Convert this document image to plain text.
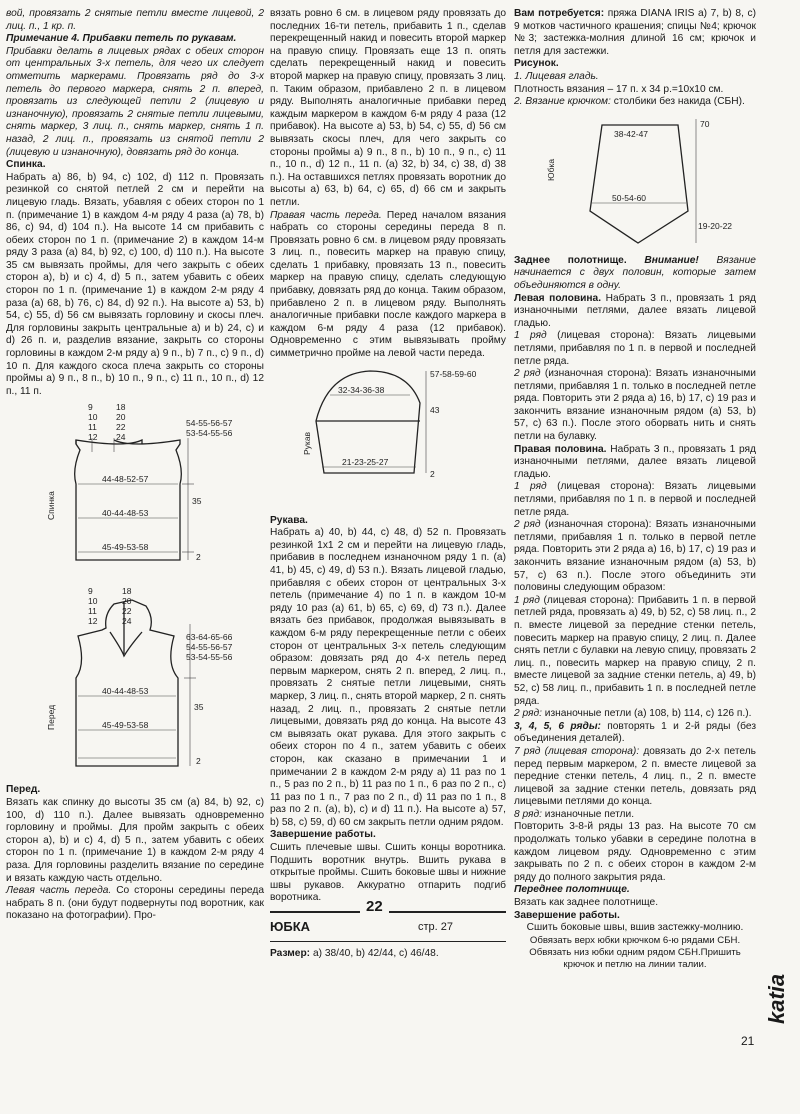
вой, провязать 2 снятые петли вместе лицевой, 2 лиц. п., 1 кр. п.

Примечание 4. Прибавки петель по рукавам.

Прибавки делать в лицевых рядах с обеих сторон от центральных 3-х петель, для чего их следует отметить маркерами. Провязать ряд до 3-х петель до первого маркера, снять 2 п. вперед, провязать из следующей петли 2 (лицевую и изнаночную), провязать 2 снятые петли лицевыми, снять маркер, 3 лиц. п., снять маркер, снять 1 п. назад, 2 лиц. п., провязать из снятой петли 2 (лицевую и изнаночную), довязать ряд до конца.

Спинка.

Набрать а) 86, b) 94, c) 102, d) 112 п. Провязать резинкой со снятой петлей 2 см и перейти на лицевую гладь. Вязать, убавляя с обеих сторон по 1 п. (примечание 1) в каждом 4-м ряду 4 раза (a) 78, b) 86, c) 94, d) 104 п.). На высоте 14 см прибавить с обеих сторон по 1 п. (примечание 2) в каждом 14-м ряду 3 раза (a) 84, b) 92, c) 100, d) 110 п.). На высоте 35 см вывязать проймы, для чего закрыть с обеих сторон а), b) и c) 4, d) 5 п., затем убавить с обеих сторон по 1 п. (примечание 1) в каждом 2-м ряду 4 раза (a) 68, b) 76, c) 84, d) 92 п.). На высоте а) 53, b) 54, c) 55, d) 56 см вывязать горловину и скосы плеч. Для горловины закрыть центральные а) и b) 24, c) и d) 26 п. и, разделив вязание, закрыть со стороны горловины в каждом 2-м ряду а) 9 п., b) 7 п., c) 9 п., d) 10 п. Для каждого скоса плеча закрыть со стороны проймы а) 9 п., 8 п., b) 10 п., 9 п., c) 11 п., 10 п., d) 12 п., 11 п.

9
10
11
12
18
20
22
24
54-55-56-57
53-54-55-56
44-48-52-57
40-44-48-53
45-49-53-58
35
2
Спинка
9
10
11
12
18
20
22
24
63-64-65-66
54-55-56-57
53-54-55-56
40-44-48-53
45-49-53-58
35
2
Перед

Перед.

Вязать как спинку до высоты 35 см (a) 84, b) 92, c) 100, d) 110 п.). Далее вывязать одновременно горловину и проймы. Для пройм закрыть с обеих сторон а), b) и c) 4, d) 5 п., затем убавить с обеих сторон по 1 п. (примечание 1) в каждом 2-м ряду 4 раза. Для горловины разделить вязание по середине и вязать каждую часть отдельно.

Левая часть переда. Со стороны середины переда набрать 8 п. (они будут подвернуты под воротник, как показано на фотографии). Про-

вязать ровно 6 см. в лицевом ряду провязать до последних 16-ти петель, прибавить 1 п., сделав перекрещенный накид и повесить второй маркер на правую спицу. Провязать еще 13 п. опять сделать перекрещенный накид и повесить второй маркер на правую спицу, провязать 3 лиц. п. Таким образом, прибавлено 2 п. в лицевом ряду. Выполнять аналогичные прибавки перед каждым маркером в каждом 6-м ряду 4 раза (12 прибавок). На высоте а) 53, b) 54, c) 55, d) 56 см вывязать скосы плеч, для чего закрыть со стороны проймы а) 9 п., 8 п., b) 10 п., 9 п., c) 11 п., 10 п., d) 12 п., 11 п. (a) 32, b) 34, c) 38, d) 38 п.). На оставшихся петлях провязать воротник до высоты а) 63, b) 64, c) 65, d) 66 см и закрыть петли.

Правая часть переда. Перед началом вязания набрать со стороны середины переда 8 п. Провязать ровно 6 см. в лицевом ряду провязать 3 лиц. п., повесить маркер на правую спицу, сделать 1 прибавку, провязать 13 п., повесить маркер на правую спицу, сделать следующую прибавку, довязать ряд до конца. Таким образом, прибавлено 2 п. в лицевом ряду. Выполнять аналогичные прибавки после каждого маркера в каждом 6-м ряду 4 раза (12 прибавок). Одновременно с этим вывязывать пройму симметрично пройме на левой части переда.

57-58-59-60
32-34-36-38
43
21-23-25-27
2
Рукав

Рукава.

Набрать а) 40, b) 44, c) 48, d) 52 п. Провязать резинкой 1х1 2 см и перейти на лицевую гладь, прибавив в последнем изнаночном ряду 1 п. (a) 41, b) 45, c) 49, d) 53 п.). Вязать лицевой гладью, прибавляя с обеих сторон от центральных 3-х петель (примечание 4) по 1 п. в каждом 10-м ряду 10 раз (a) 61, b) 65, c) 69, d) 73 п.). Далее вязать без прибавок, продолжая вывязывать в каждом 6-м ряду перекрещенные петли с обеих сторон от центральных 3-х петель следующим образом: довязать ряд до 4-х петель перед первым маркером, снять 2 п. вперед, 2 лиц. п., провязать 2 снятые петли лицевыми, снять маркер, 3 лиц. п., снять второй маркер, 2 п. снять назад, 2 лиц. п., провязать 2 снятые петли лицевыми, довязать ряд до конца. На высоте 43 см вывязать окат рукава. Для этого закрыть с обеих сторон по 4 п., затем убавить с обеих сторон, как сказано в примечании 1 и примечании 2 в каждом 2-м ряду а) 11 раз по 1 п., 5 раз по 2 п., b) 11 раз по 1 п., 6 раз по 2 п., c) 11 раз по 1 п., 7 раз по 2 п., d) 11 раз по 1 п., 8 раз по 2 п. (a), b), c) и d) 11 п.). На высоте а) 57, b) 58, c) 59, d) 60 см закрыть петли одним рядом.

Завершение работы.

Сшить плечевые швы. Сшить концы воротника. Подшить воротник внутрь. Вшить рукава в открытые проймы. Сшить боковые швы и нижние швы рукавов. Аккуратно отпарить подгиб воротника.

22
ЮБКА	стр. 27

Размер: a) 38/40, b) 42/44, c) 46/48.

Вам потребуется: пряжа DIANA IRIS а) 7, b) 8, c) 9 мотков частичного крашения; спицы №4; крючок №3; застежка-молния длиной 16 см; крючок и петля для застежки.

Рисунок.

1. Лицевая гладь.

Плотность вязания – 17 п. х 34 р.=10х10 см.

2. Вязание крючком: столбики без накида (СБН).

38-42-47
70
Юбка
50-54-60
19-20-22

Заднее полотнище. Внимание! Вязание начинается с двух половин, которые затем объединяются в одну.

Левая половина. Набрать 3 п., провязать 1 ряд изнаночными петлями, далее вязать лицевой гладью.

1 ряд (лицевая сторона): Вязать лицевыми петлями, прибавляя по 1 п. в первой и последней петле ряда.

2 ряд (изнаночная сторона): Вязать изнаночными петлями, прибавляя 1 п. только в последней петле ряда. Повторить эти 2 ряда а) 16, b) 17, c) 19 раз и закончить вязание изнаночным рядом (a) 53, b) 57, c) 63 п.). После этого оборвать нить и снять петли на булавку.

Правая половина. Набрать 3 п., провязать 1 ряд изнаночными петлями, далее вязать лицевой гладью.

1 ряд (лицевая сторона): Вязать лицевыми петлями, прибавляя по 1 п. в первой и последней петле ряда.

2 ряд (изнаночная сторона): Вязать изнаночными петлями, прибавляя 1 п. только в первой петле ряда. Повторить эти 2 ряда а) 16, b) 17, c) 19 раз и закончить вязание изнаночным рядом (a) 53, b) 57, c) 63 п.). После этого объединить эти половины следующим образом:

1 ряд (лицевая сторона): Прибавить 1 п. в первой петлей ряда, провязать а) 49, b) 52, c) 58 лиц. п., 2 п. вместе лицевой за передние стенки петель, повесить маркер на правую спицу, 2 лиц. п. Далее снять петли с булавки на левую спицу, провязать 2 лиц. п., повесить маркер на правую спицу, 2 п. вместе лицевой за задние стенки петель, а) 49, b) 52, c) 58 лиц. п., прибавить 1 п. в последней петле ряда.

2 ряд: изнаночные петли (a) 108, b) 114, c) 126 п.).

3, 4, 5, 6 ряды: повторять 1 и 2-й ряды (без объединения деталей).

7 ряд (лицевая сторона): довязать до 2-х петель перед первым маркером, 2 п. вместе лицевой за передние стенки петель, 4 лиц. п., 2 п. вместе лицевой за задние стенки петель, довязать ряд лицевыми петлями до конца.

8 ряд: изнаночные петли.

Повторить 3-8-й ряды 13 раз. На высоте 70 см продолжать только убавки в середине полотна в каждом лицевом ряду. Одновременно с этим закрывать по 2 п. с обеих сторон в каждом 2-м ряду до полного закрытия ряда.

Переднее полотнище.

Вязать как заднее полотнище.

Завершение работы.

Сшить боковые швы, вшив застежку-молнию.

Обвязать верх юбки крючком 6-ю рядами СБН. Обвязать низ юбки одним рядом СБН.Пришить крючок и петлю на линии талии.

katia
21
